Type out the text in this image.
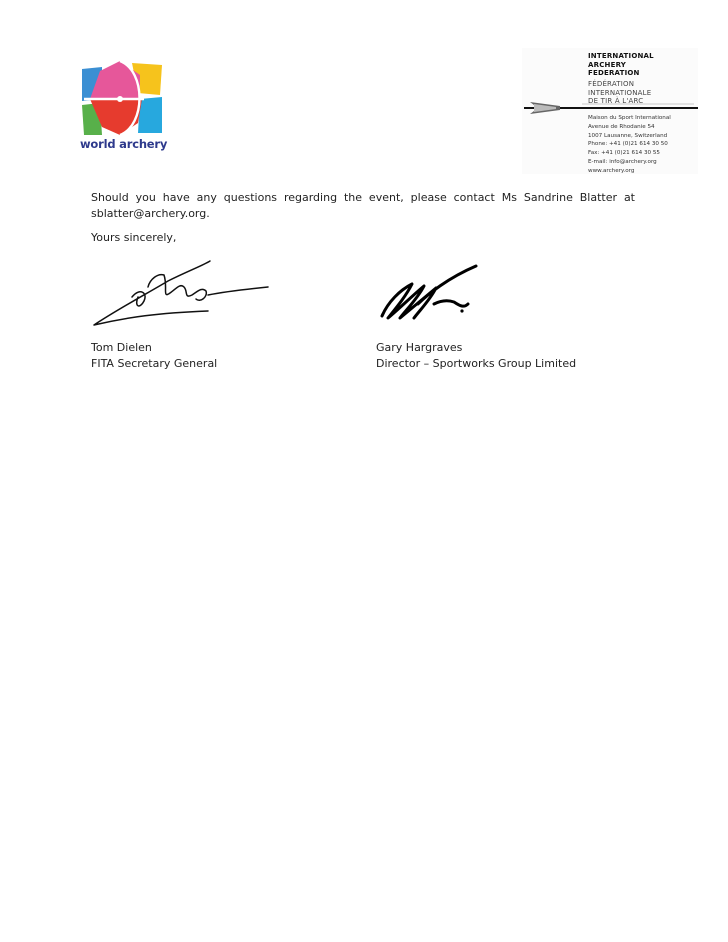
world archery
INTERNATIONAL
ARCHERY
FEDERATION
FÉDÉRATION
INTERNATIONALE
DE TIR À L'ARC
Maison du Sport International
Avenue de Rhodanie 54
1007 Lausanne, Switzerland
Phone: +41 (0)21 614 30 50
Fax: +41 (0)21 614 30 55
E-mail: info@archery.org
www.archery.org
Should you have any questions regarding the event, please contact Ms Sandrine Blatter at sblatter@archery.org.
Yours sincerely,
Tom Dielen
FITA Secretary General
Gary Hargraves
Director – Sportworks Group Limited
